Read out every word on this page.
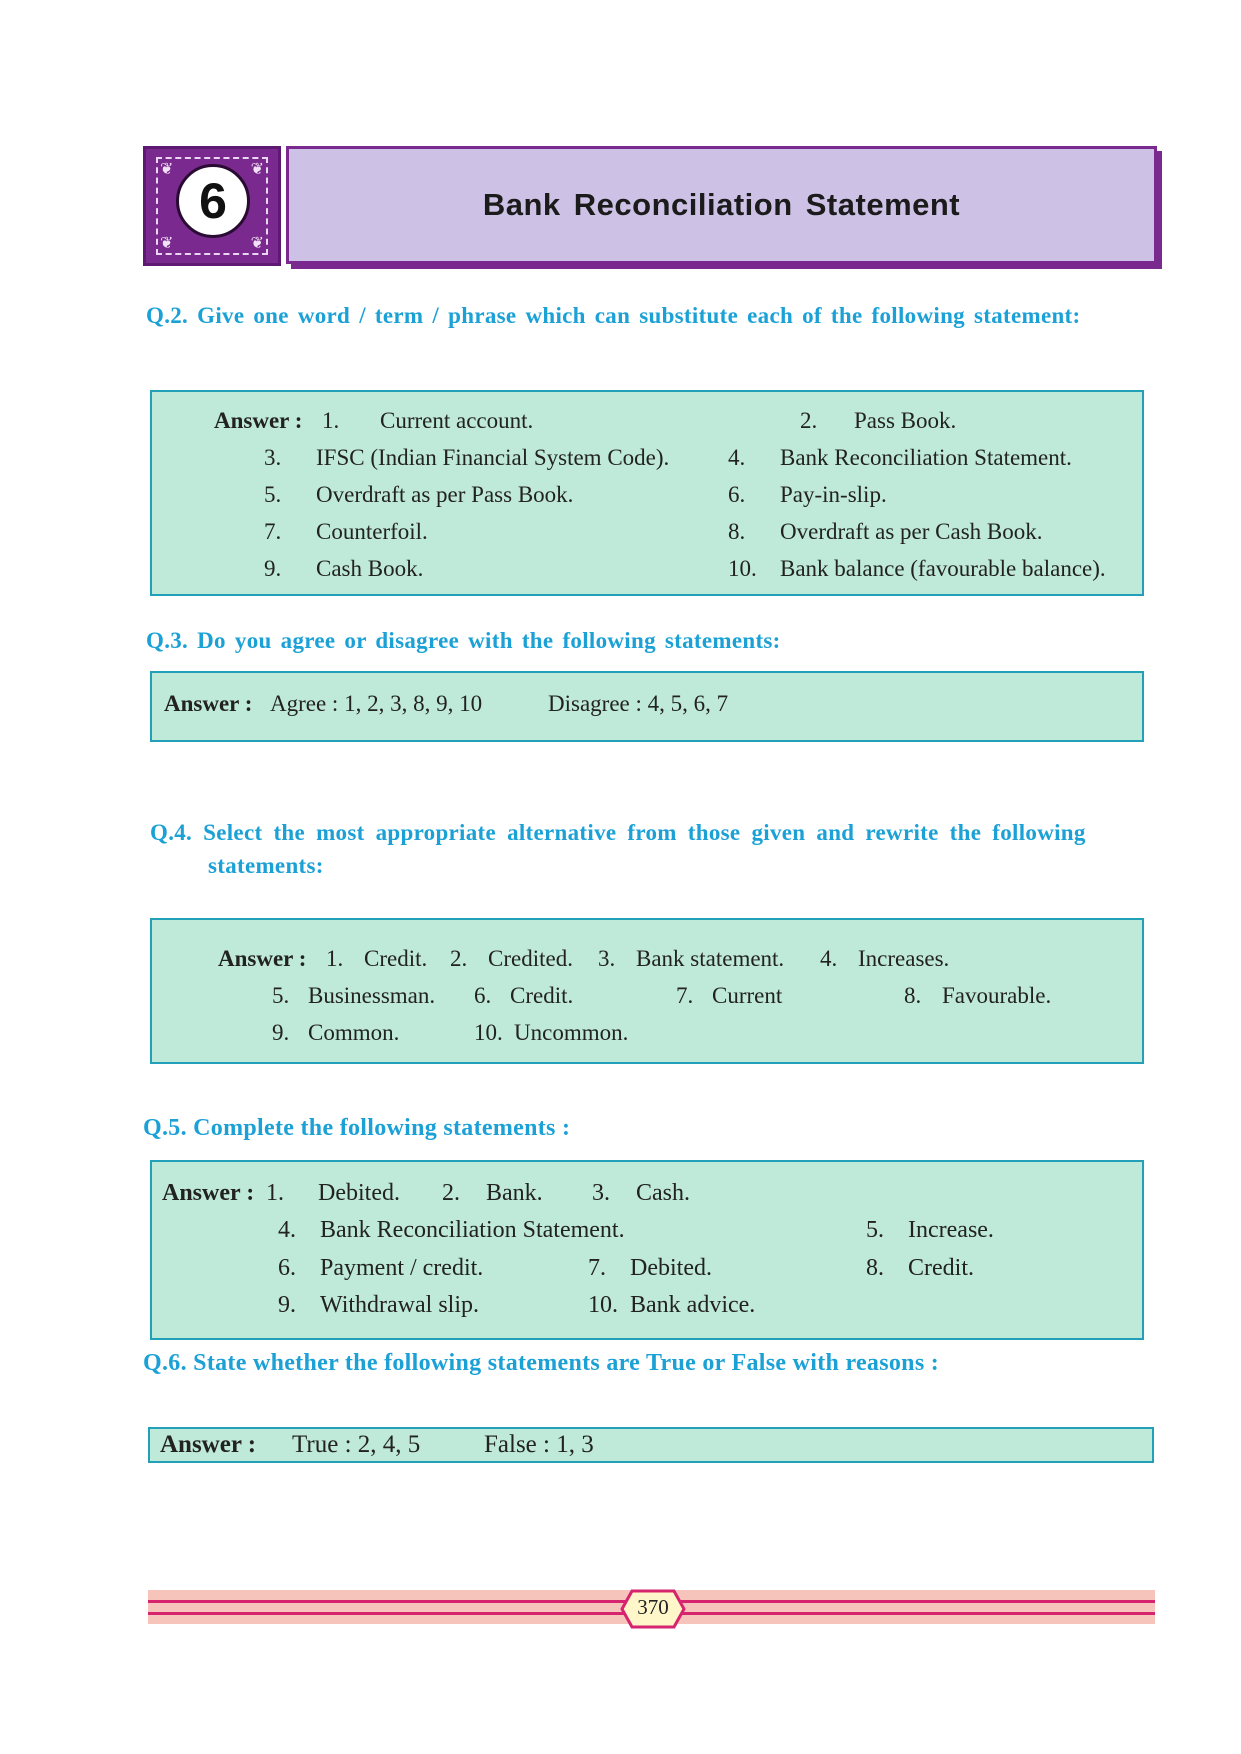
❦	❦
❦	❦
6	Bank Reconciliation Statement
Q.2. Give one word / term / phrase which can substitute each of the following statement:
Answer : 1. Current account.	2. Pass Book.
3. IFSC (Indian Financial System Code).	4. Bank Reconciliation Statement.
5. Overdraft as per Pass Book.	6. Pay-in-slip.
7. Counterfoil.	8. Overdraft as per Cash Book.
9. Cash Book.	10. Bank balance (favourable balance).
Q.3. Do you agree or disagree with the following statements:
Answer : Agree : 1, 2, 3, 8, 9, 10	Disagree : 4, 5, 6, 7
Q.4. Select the most appropriate alternative from those given and rewrite the following
statements:
Answer : 1. Credit. 2. Credited. 3. Bank statement. 4. Increases.
5. Businessman. 6. Credit.	7. Current	8. Favourable.
9. Common.	10. Uncommon.
Q.5. Complete the following statements :
Answer : 1. Debited. 2. Bank. 3. Cash.
4. Bank Reconciliation Statement.	5. Increase.
6. Payment / credit.	7. Debited.	8. Credit.
9. Withdrawal slip.	10. Bank advice.
Q.6. State whether the following statements are True or False with reasons :
Answer : True : 2, 4, 5	False : 1, 3
370
